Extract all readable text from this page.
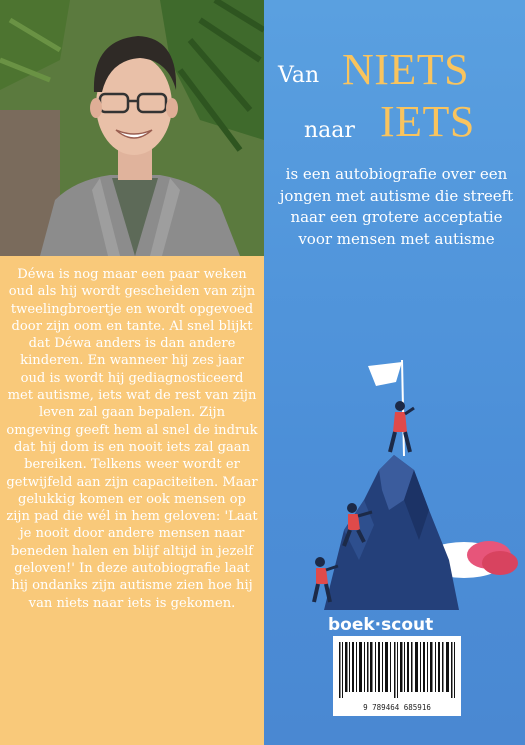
Déwa is nog maar een paar weken oud als hij wordt gescheiden van zijn tweelingbroertje en wordt opgevoed door zijn oom en tante. Al snel blijkt dat Déwa anders is dan andere kinderen. En wanneer hij zes jaar oud is wordt hij gediagnosticeerd met autisme, iets wat de rest van zijn leven zal gaan bepalen. Zijn omgeving geeft hem al snel de indruk dat hij dom is en nooit iets zal gaan bereiken. Telkens weer wordt er getwijfeld aan zijn capaciteiten. Maar gelukkig komen er ook mensen op zijn pad die wél in hem geloven: 'Laat je nooit door andere mensen naar beneden halen en blijf altijd in jezelf geloven!' In deze autobiografie laat hij ondanks zijn autisme zien hoe hij van niets naar iets is gekomen.
Van NIETS
naar IETS
is een autobiografie over een jongen met autisme die streeft naar een grotere acceptatie voor mensen met autisme
boek·scout
9 789464 685916
